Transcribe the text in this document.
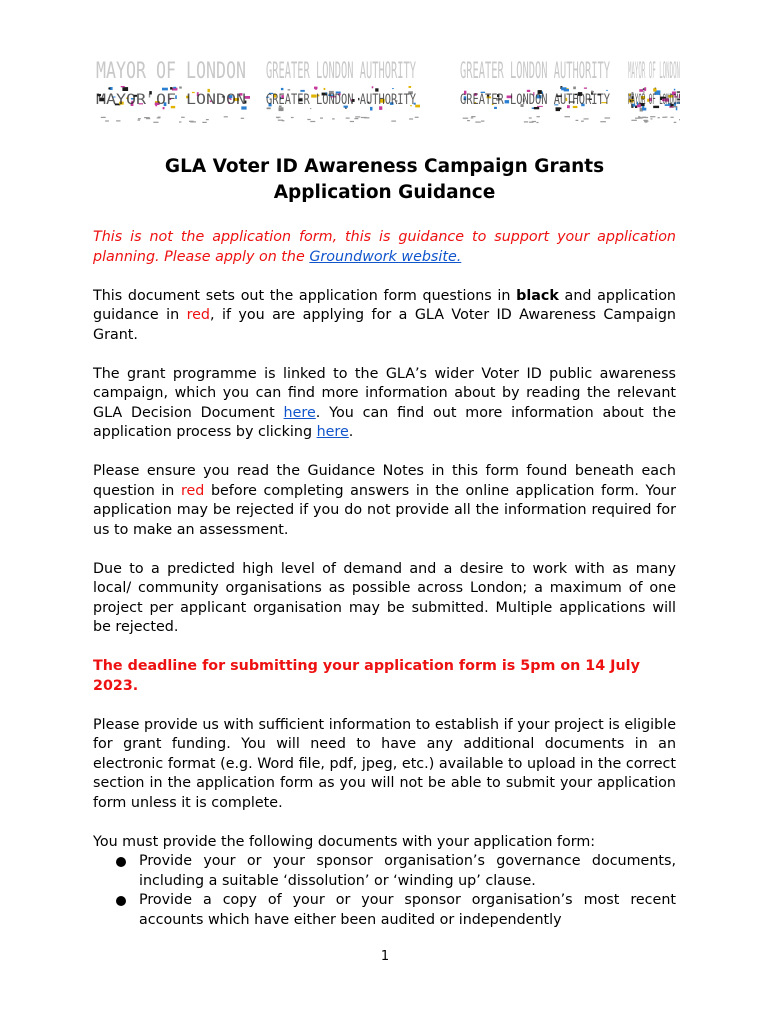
MAYOR OF LONDON
MAYOR OF LONDON
GREATER LONDON AUTHORITY
GREATER LONDON AUTHORITY
GREATER LONDON AUTHORITY
GREATER LONDON AUTHORITY
MAYOR OF LONDON
MAYOR OF LONDON
GLA Voter ID Awareness Campaign Grants
Application Guidance

This is not the application form, this is guidance to support your application planning. Please apply on the Groundwork website.

This document sets out the application form questions in black and application guidance in red, if you are applying for a GLA Voter ID Awareness Campaign Grant.

The grant programme is linked to the GLA’s wider Voter ID public awareness campaign, which you can find more information about by reading the relevant GLA Decision Document here. You can find out more information about the application process by clicking here.

Please ensure you read the Guidance Notes in this form found beneath each question in red before completing answers in the online application form. Your application may be rejected if you do not provide all the information required for us to make an assessment.

Due to a predicted high level of demand and a desire to work with as many local/ community organisations as possible across London; a maximum of one project per applicant organisation may be submitted. Multiple applications will be rejected.

The deadline for submitting your application form is 5pm on 14 July 2023.

Please provide us with sufficient information to establish if your project is eligible for grant funding. You will need to have any additional documents in an electronic format (e.g. Word file, pdf, jpeg, etc.) available to upload in the correct section in the application form as you will not be able to submit your application form unless it is complete.

You must provide the following documents with your application form:

Provide your or your sponsor organisation’s governance documents, including a suitable ‘dissolution’ or ‘winding up’ clause.
Provide a copy of your or your sponsor organisation’s most recent accounts which have either been audited or independently
1
